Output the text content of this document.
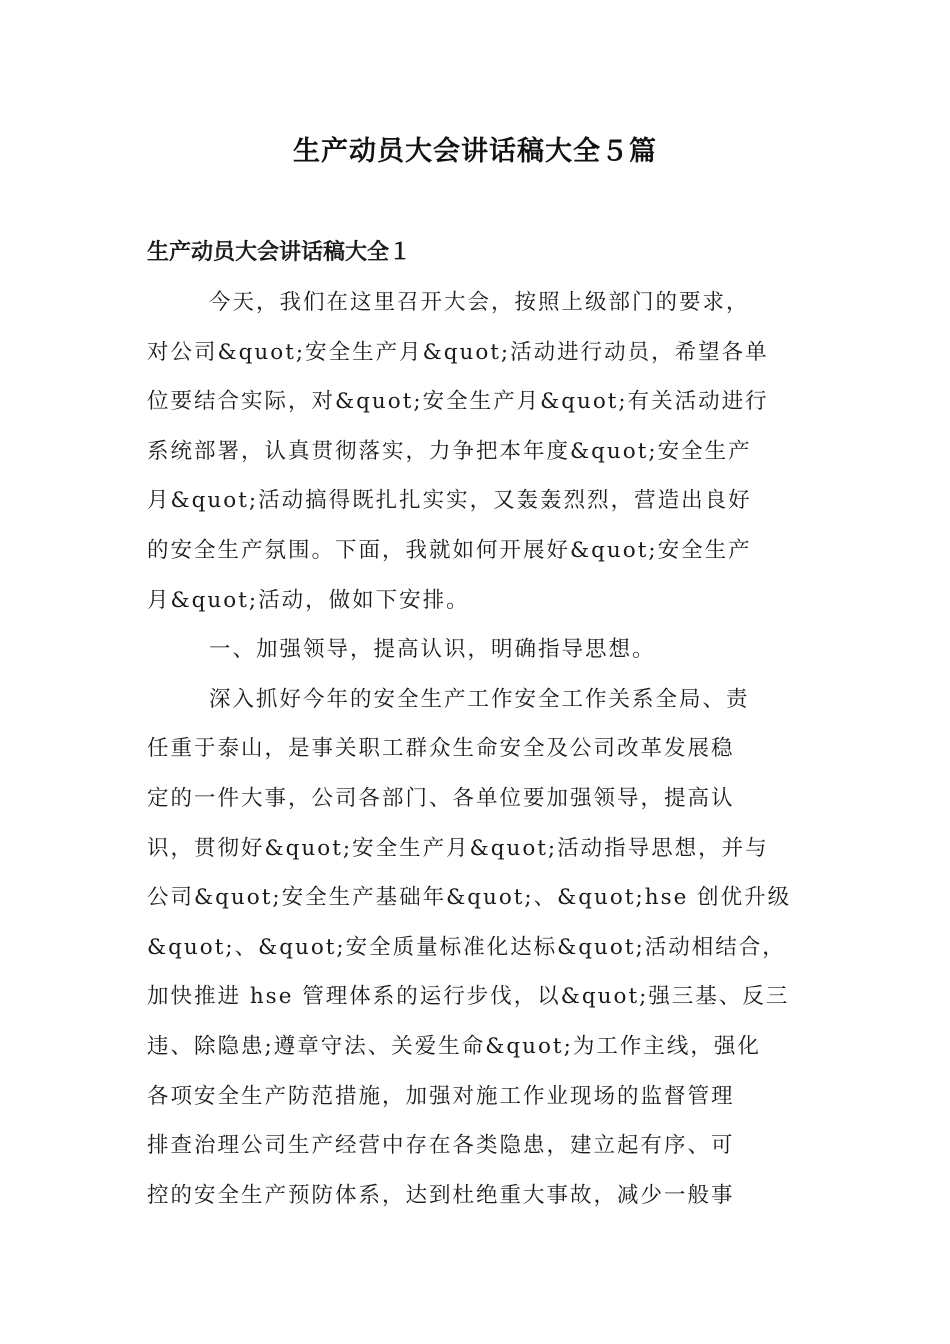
生产动员大会讲话稿大全５篇
生产动员大会讲话稿大全１

今天，我们在这里召开大会，按照上级部门的要求，
对公司&quot;安全生产月&quot;活动进行动员，希望各单
位要结合实际，对&quot;安全生产月&quot;有关活动进行
系统部署，认真贯彻落实，力争把本年度&quot;安全生产
月&quot;活动搞得既扎扎实实，又轰轰烈烈，营造出良好
的安全生产氛围。下面，我就如何开展好&quot;安全生产
月&quot;活动，做如下安排。

一、加强领导，提高认识，明确指导思想。

深入抓好今年的安全生产工作安全工作关系全局、责
任重于泰山，是事关职工群众生命安全及公司改革发展稳
定的一件大事，公司各部门、各单位要加强领导，提高认
识，贯彻好&quot;安全生产月&quot;活动指导思想，并与
公司&quot;安全生产基础年&quot;、&quot;hse 创优升级
&quot;、&quot;安全质量标准化达标&quot;活动相结合，
加快推进 hse 管理体系的运行步伐，以&quot;强三基、反三
违、除隐患;遵章守法、关爱生命&quot;为工作主线，强化
各项安全生产防范措施，加强对施工作业现场的监督管理
排查治理公司生产经营中存在各类隐患，建立起有序、可
控的安全生产预防体系，达到杜绝重大事故，减少一般事
